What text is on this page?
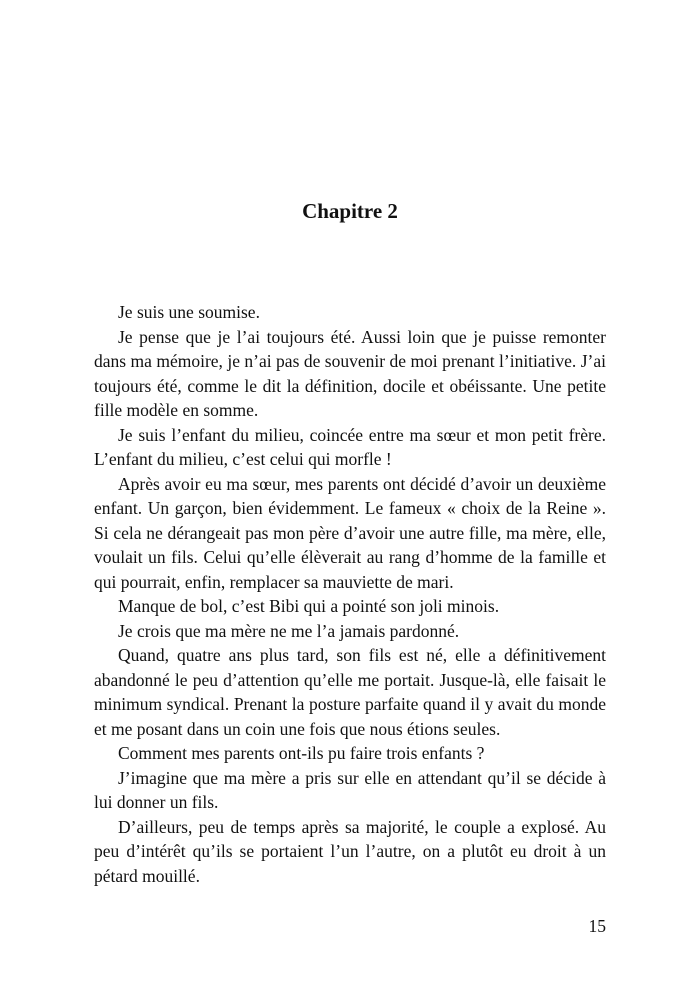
Chapitre 2

Je suis une soumise.

Je pense que je l’ai toujours été. Aussi loin que je puisse remonter dans ma mémoire, je n’ai pas de souvenir de moi prenant l’initiative. J’ai toujours été, comme le dit la définition, docile et obéissante. Une petite fille modèle en somme.

Je suis l’enfant du milieu, coincée entre ma sœur et mon petit frère. L’enfant du milieu, c’est celui qui morfle !

Après avoir eu ma sœur, mes parents ont décidé d’avoir un deuxième enfant. Un garçon, bien évidemment. Le fameux « choix de la Reine ». Si cela ne dérangeait pas mon père d’avoir une autre fille, ma mère, elle, voulait un fils. Celui qu’elle élèverait au rang d’homme de la famille et qui pourrait, enfin, remplacer sa mauviette de mari.

Manque de bol, c’est Bibi qui a pointé son joli minois.

Je crois que ma mère ne me l’a jamais pardonné.

Quand, quatre ans plus tard, son fils est né, elle a définitivement abandonné le peu d’attention qu’elle me portait. Jusque-là, elle faisait le minimum syndical. Prenant la posture parfaite quand il y avait du monde et me posant dans un coin une fois que nous étions seules.

Comment mes parents ont-ils pu faire trois enfants ?

J’imagine que ma mère a pris sur elle en attendant qu’il se décide à lui donner un fils.

D’ailleurs, peu de temps après sa majorité, le couple a explosé. Au peu d’intérêt qu’ils se portaient l’un l’autre, on a plutôt eu droit à un pétard mouillé.

15
